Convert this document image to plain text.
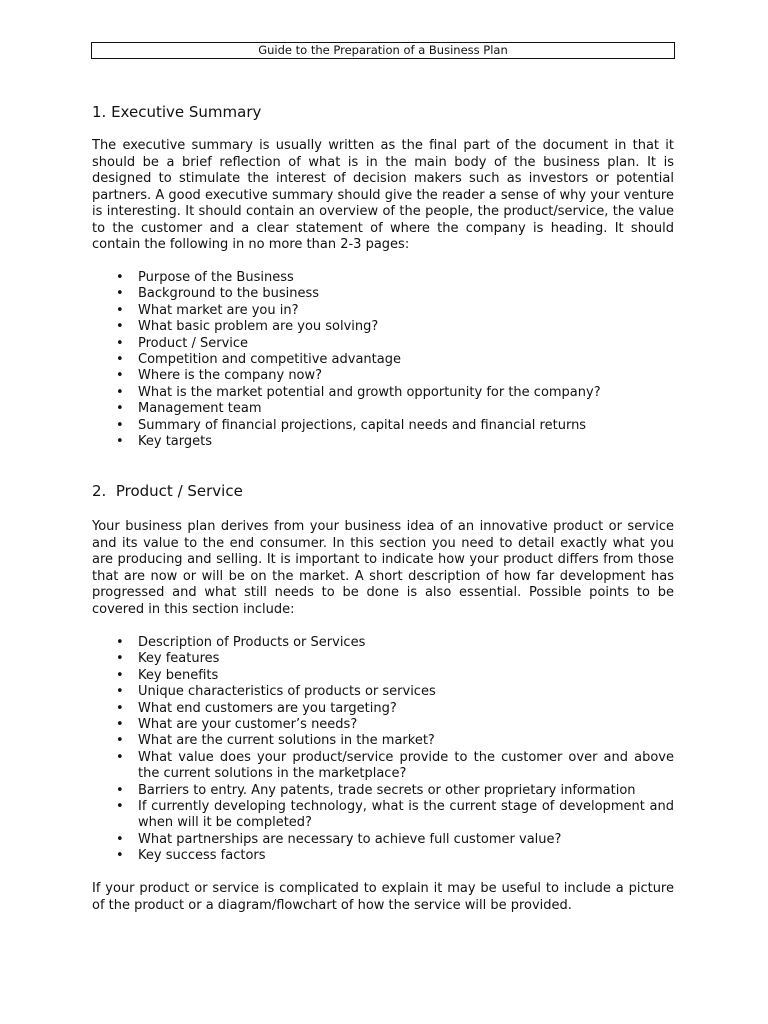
Guide to the Preparation of a Business Plan
1. Executive Summary

The executive summary is usually written as the final part of the document in that it should be a brief reflection of what is in the main body of the business plan. It is designed to stimulate the interest of decision makers such as investors or potential partners. A good executive summary should give the reader a sense of why your venture is interesting. It should contain an overview of the people, the product/service, the value to the customer and a clear statement of where the company is heading. It should contain the following in no more than 2-3 pages:

• Purpose of the Business
• Background to the business
• What market are you in?
• What basic problem are you solving?
• Product / Service
• Competition and competitive advantage
• Where is the company now?
• What is the market potential and growth opportunity for the company?
• Management team
• Summary of financial projections, capital needs and financial returns
• Key targets
2.  Product / Service

Your business plan derives from your business idea of an innovative product or service and its value to the end consumer. In this section you need to detail exactly what you are producing and selling. It is important to indicate how your product differs from those that are now or will be on the market. A short description of how far development has progressed and what still needs to be done is also essential. Possible points to be covered in this section include:

• Description of Products or Services
• Key features
• Key benefits
• Unique characteristics of products or services
• What end customers are you targeting?
• What are your customer’s needs?
• What are the current solutions in the market?
• What value does your product/service provide to the customer over and above the current solutions in the marketplace?
• Barriers to entry. Any patents, trade secrets or other proprietary information
• If currently developing technology, what is the current stage of development and when will it be completed?
• What partnerships are necessary to achieve full customer value?
• Key success factors

If your product or service is complicated to explain it may be useful to include a picture of the product or a diagram/flowchart of how the service will be provided.
